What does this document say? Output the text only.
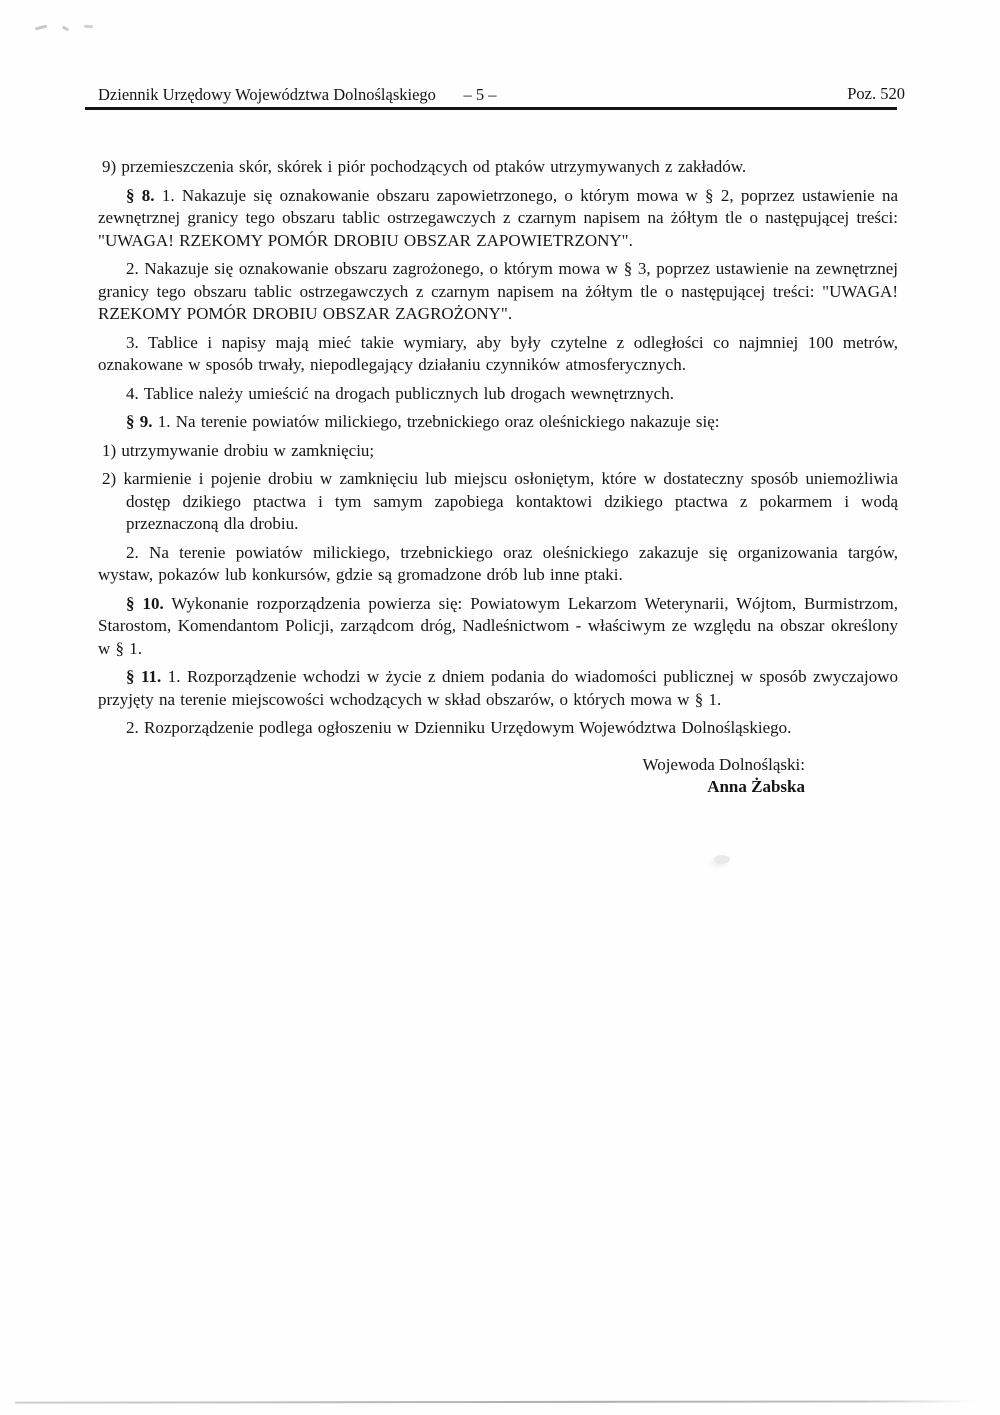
Dziennik Urzędowy Województwa Dolnośląskiego	– 5 –	Poz. 520

9) przemieszczenia skór, skórek i piór pochodzących od ptaków utrzymywanych z zakładów.

§ 8. 1. Nakazuje się oznakowanie obszaru zapowietrzonego, o którym mowa w § 2, poprzez ustawienie na zewnętrznej granicy tego obszaru tablic ostrzegawczych z czarnym napisem na żółtym tle o następującej treści: "UWAGA! RZEKOMY POMÓR DROBIU OBSZAR ZAPOWIETRZONY".

2. Nakazuje się oznakowanie obszaru zagrożonego, o którym mowa w § 3, poprzez ustawienie na zewnętrznej granicy tego obszaru tablic ostrzegawczych z czarnym napisem na żółtym tle o następującej treści: "UWAGA! RZEKOMY POMÓR DROBIU OBSZAR ZAGROŻONY".

3. Tablice i napisy mają mieć takie wymiary, aby były czytelne z odległości co najmniej 100 metrów, oznakowane w sposób trwały, niepodlegający działaniu czynników atmosferycznych.

4. Tablice należy umieścić na drogach publicznych lub drogach wewnętrznych.

§ 9. 1. Na terenie powiatów milickiego, trzebnickiego oraz oleśnickiego nakazuje się:

1) utrzymywanie drobiu w zamknięciu;

2) karmienie i pojenie drobiu w zamknięciu lub miejscu osłoniętym, które w dostateczny sposób uniemożliwia dostęp dzikiego ptactwa i tym samym zapobiega kontaktowi dzikiego ptactwa z pokarmem i wodą przeznaczoną dla drobiu.

2. Na terenie powiatów milickiego, trzebnickiego oraz oleśnickiego zakazuje się organizowania targów, wystaw, pokazów lub konkursów, gdzie są gromadzone drób lub inne ptaki.

§ 10. Wykonanie rozporządzenia powierza się: Powiatowym Lekarzom Weterynarii, Wójtom, Burmistrzom, Starostom, Komendantom Policji, zarządcom dróg, Nadleśnictwom - właściwym ze względu na obszar określony w § 1.

§ 11. 1. Rozporządzenie wchodzi w życie z dniem podania do wiadomości publicznej w sposób zwyczajowo przyjęty na terenie miejscowości wchodzących w skład obszarów, o których mowa w § 1.

2. Rozporządzenie podlega ogłoszeniu w Dzienniku Urzędowym Województwa Dolnośląskiego.

Wojewoda Dolnośląski:
Anna Żabska
